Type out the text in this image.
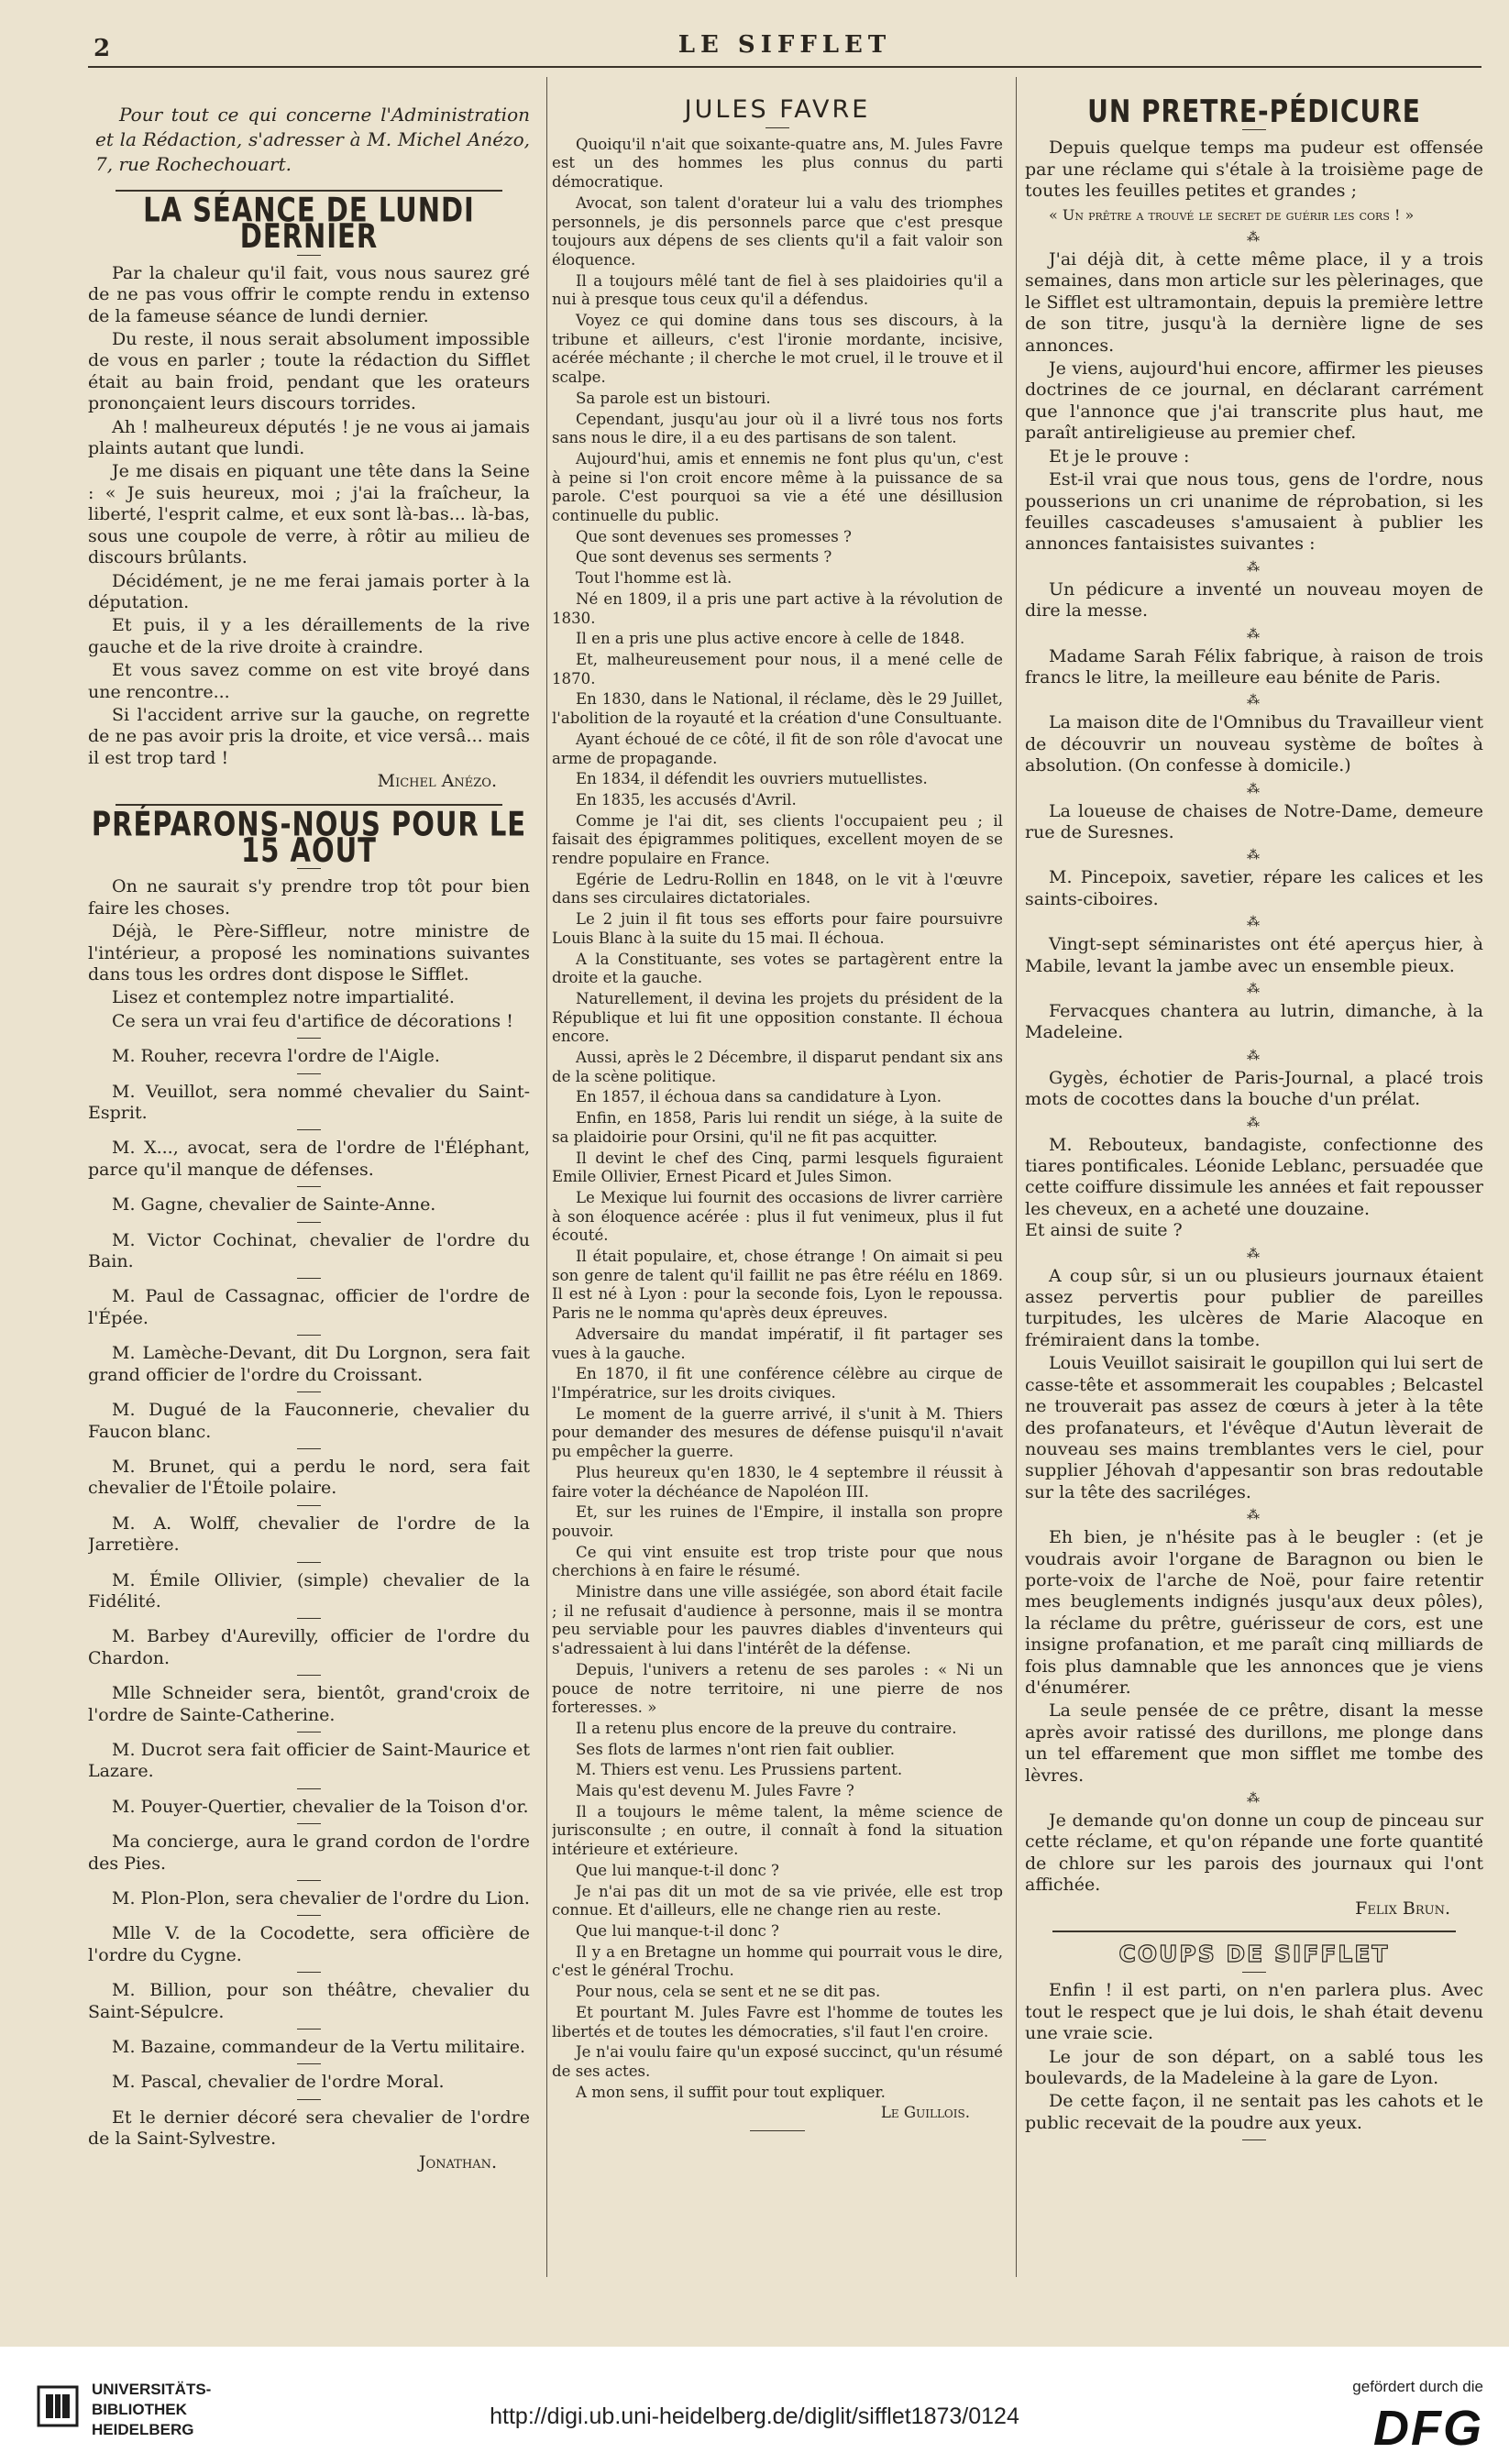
2	LE SIFFLET

Pour tout ce qui concerne l'Administration et la Rédaction, s'adresser à M. Michel Anézo, 7, rue Rochechouart.

LA SÉANCE DE LUNDI DERNIER

Par la chaleur qu'il fait, vous nous saurez gré de ne pas vous offrir le compte rendu in extenso de la fameuse séance de lundi dernier.

Du reste, il nous serait absolument impossible de vous en parler ; toute la rédaction du Sifflet était au bain froid, pendant que les orateurs prononçaient leurs discours torrides.

Ah ! malheureux députés ! je ne vous ai jamais plaints autant que lundi.

Je me disais en piquant une tête dans la Seine : « Je suis heureux, moi ; j'ai la fraîcheur, la liberté, l'esprit calme, et eux sont là-bas... là-bas, sous une coupole de verre, à rôtir au milieu de discours brûlants.

Décidément, je ne me ferai jamais porter à la députation.

Et puis, il y a les déraillements de la rive gauche et de la rive droite à craindre.

Et vous savez comme on est vite broyé dans une rencontre...

Si l'accident arrive sur la gauche, on regrette de ne pas avoir pris la droite, et vice versâ... mais il est trop tard !

Michel Anézo.

PRÉPARONS-NOUS POUR LE 15 AOUT

On ne saurait s'y prendre trop tôt pour bien faire les choses.

Déjà, le Père-Siffleur, notre ministre de l'intérieur, a proposé les nominations suivantes dans tous les ordres dont dispose le Sifflet.

Lisez et contemplez notre impartialité.

Ce sera un vrai feu d'artifice de décorations !

M. Rouher, recevra l'ordre de l'Aigle.

M. Veuillot, sera nommé chevalier du Saint-Esprit.

M. X..., avocat, sera de l'ordre de l'Éléphant, parce qu'il manque de défenses.

M. Gagne, chevalier de Sainte-Anne.

M. Victor Cochinat, chevalier de l'ordre du Bain.

M. Paul de Cassagnac, officier de l'ordre de l'Épée.

M. Lamèche-Devant, dit Du Lorgnon, sera fait grand officier de l'ordre du Croissant.

M. Dugué de la Fauconnerie, chevalier du Faucon blanc.

M. Brunet, qui a perdu le nord, sera fait chevalier de l'Étoile polaire.

M. A. Wolff, chevalier de l'ordre de la Jarretière.

M. Émile Ollivier, (simple) chevalier de la Fidélité.

M. Barbey d'Aurevilly, officier de l'ordre du Chardon.

Mlle Schneider sera, bientôt, grand'croix de l'ordre de Sainte-Catherine.

M. Ducrot sera fait officier de Saint-Maurice et Lazare.

M. Pouyer-Quertier, chevalier de la Toison d'or.

Ma concierge, aura le grand cordon de l'ordre des Pies.

M. Plon-Plon, sera chevalier de l'ordre du Lion.

Mlle V. de la Cocodette, sera officière de l'ordre du Cygne.

M. Billion, pour son théâtre, chevalier du Saint-Sépulcre.

M. Bazaine, commandeur de la Vertu militaire.

M. Pascal, chevalier de l'ordre Moral.

Et le dernier décoré sera chevalier de l'ordre de la Saint-Sylvestre.

Jonathan.

JULES FAVRE

Quoiqu'il n'ait que soixante-quatre ans, M. Jules Favre est un des hommes les plus connus du parti démocratique.

Avocat, son talent d'orateur lui a valu des triomphes personnels, je dis personnels parce que c'est presque toujours aux dépens de ses clients qu'il a fait valoir son éloquence.

Il a toujours mêlé tant de fiel à ses plaidoiries qu'il a nui à presque tous ceux qu'il a défendus.

Voyez ce qui domine dans tous ses discours, à la tribune et ailleurs, c'est l'ironie mordante, incisive, acérée méchante ; il cherche le mot cruel, il le trouve et il scalpe.

Sa parole est un bistouri.

Cependant, jusqu'au jour où il a livré tous nos forts sans nous le dire, il a eu des partisans de son talent.

Aujourd'hui, amis et ennemis ne font plus qu'un, c'est à peine si l'on croit encore même à la puissance de sa parole. C'est pourquoi sa vie a été une désillusion continuelle du public.

Que sont devenues ses promesses ?

Que sont devenus ses serments ?

Tout l'homme est là.

Né en 1809, il a pris une part active à la révolution de 1830.

Il en a pris une plus active encore à celle de 1848.

Et, malheureusement pour nous, il a mené celle de 1870.

En 1830, dans le National, il réclame, dès le 29 Juillet, l'abolition de la royauté et la création d'une Consultuante.

Ayant échoué de ce côté, il fit de son rôle d'avocat une arme de propagande.

En 1834, il défendit les ouvriers mutuellistes.

En 1835, les accusés d'Avril.

Comme je l'ai dit, ses clients l'occupaient peu ; il faisait des épigrammes politiques, excellent moyen de se rendre populaire en France.

Egérie de Ledru-Rollin en 1848, on le vit à l'œuvre dans ses circulaires dictatoriales.

Le 2 juin il fit tous ses efforts pour faire poursuivre Louis Blanc à la suite du 15 mai. Il échoua.

A la Constituante, ses votes se partagèrent entre la droite et la gauche.

Naturellement, il devina les projets du président de la République et lui fit une opposition constante. Il échoua encore.

Aussi, après le 2 Décembre, il disparut pendant six ans de la scène politique.

En 1857, il échoua dans sa candidature à Lyon.

Enfin, en 1858, Paris lui rendit un siége, à la suite de sa plaidoirie pour Orsini, qu'il ne fit pas acquitter.

Il devint le chef des Cinq, parmi lesquels figuraient Emile Ollivier, Ernest Picard et Jules Simon.

Le Mexique lui fournit des occasions de livrer carrière à son éloquence acérée : plus il fut venimeux, plus il fut écouté.

Il était populaire, et, chose étrange ! On aimait si peu son genre de talent qu'il faillit ne pas être réélu en 1869. Il est né à Lyon : pour la seconde fois, Lyon le repoussa. Paris ne le nomma qu'après deux épreuves.

Adversaire du mandat impératif, il fit partager ses vues à la gauche.

En 1870, il fit une conférence célèbre au cirque de l'Impératrice, sur les droits civiques.

Le moment de la guerre arrivé, il s'unit à M. Thiers pour demander des mesures de défense puisqu'il n'avait pu empêcher la guerre.

Plus heureux qu'en 1830, le 4 septembre il réussit à faire voter la déchéance de Napoléon III.

Et, sur les ruines de l'Empire, il installa son propre pouvoir.

Ce qui vint ensuite est trop triste pour que nous cherchions à en faire le résumé.

Ministre dans une ville assiégée, son abord était facile ; il ne refusait d'audience à personne, mais il se montra peu serviable pour les pauvres diables d'inventeurs qui s'adressaient à lui dans l'intérêt de la défense.

Depuis, l'univers a retenu de ses paroles : « Ni un pouce de notre territoire, ni une pierre de nos forteresses. »

Il a retenu plus encore de la preuve du contraire.

Ses flots de larmes n'ont rien fait oublier.

M. Thiers est venu. Les Prussiens partent.

Mais qu'est devenu M. Jules Favre ?

Il a toujours le même talent, la même science de jurisconsulte ; en outre, il connaît à fond la situation intérieure et extérieure.

Que lui manque-t-il donc ?

Je n'ai pas dit un mot de sa vie privée, elle est trop connue. Et d'ailleurs, elle ne change rien au reste.

Que lui manque-t-il donc ?

Il y a en Bretagne un homme qui pourrait vous le dire, c'est le général Trochu.

Pour nous, cela se sent et ne se dit pas.

Et pourtant M. Jules Favre est l'homme de toutes les libertés et de toutes les démocraties, s'il faut l'en croire.

Je n'ai voulu faire qu'un exposé succinct, qu'un résumé de ses actes.

A mon sens, il suffit pour tout expliquer.

Le Guillois.

UN PRETRE-PÉDICURE

Depuis quelque temps ma pudeur est offensée par une réclame qui s'étale à la troisième page de toutes les feuilles petites et grandes ;

« Un prêtre a trouvé le secret de guérir les cors ! »

⁂

J'ai déjà dit, à cette même place, il y a trois semaines, dans mon article sur les pèlerinages, que le Sifflet est ultramontain, depuis la première lettre de son titre, jusqu'à la dernière ligne de ses annonces.

Je viens, aujourd'hui encore, affirmer les pieuses doctrines de ce journal, en déclarant carrément que l'annonce que j'ai transcrite plus haut, me paraît antireligieuse au premier chef.

Et je le prouve :

Est-il vrai que nous tous, gens de l'ordre, nous pousserions un cri unanime de réprobation, si les feuilles cascadeuses s'amusaient à publier les annonces fantaisistes suivantes :

⁂

Un pédicure a inventé un nouveau moyen de dire la messe.

⁂

Madame Sarah Félix fabrique, à raison de trois francs le litre, la meilleure eau bénite de Paris.

⁂

La maison dite de l'Omnibus du Travailleur vient de découvrir un nouveau système de boîtes à absolution. (On confesse à domicile.)

⁂

La loueuse de chaises de Notre-Dame, demeure rue de Suresnes.

⁂

M. Pincepoix, savetier, répare les calices et les saints-ciboires.

⁂

Vingt-sept séminaristes ont été aperçus hier, à Mabile, levant la jambe avec un ensemble pieux.

⁂

Fervacques chantera au lutrin, dimanche, à la Madeleine.

⁂

Gygès, échotier de Paris-Journal, a placé trois mots de cocottes dans la bouche d'un prélat.

⁂

M. Rebouteux, bandagiste, confectionne des tiares pontificales. Léonide Leblanc, persuadée que cette coiffure dissimule les années et fait repousser les cheveux, en a acheté une douzaine.
Et ainsi de suite ?

⁂

A coup sûr, si un ou plusieurs journaux étaient assez pervertis pour publier de pareilles turpitudes, les ulcères de Marie Alacoque en frémiraient dans la tombe.

Louis Veuillot saisirait le goupillon qui lui sert de casse-tête et assommerait les coupables ; Belcastel ne trouverait pas assez de cœurs à jeter à la tête des profanateurs, et l'évêque d'Autun lèverait de nouveau ses mains tremblantes vers le ciel, pour supplier Jéhovah d'appesantir son bras redoutable sur la tête des sacriléges.

⁂

Eh bien, je n'hésite pas à le beugler : (et je voudrais avoir l'organe de Baragnon ou bien le porte-voix de l'arche de Noë, pour faire retentir mes beuglements indignés jusqu'aux deux pôles), la réclame du prêtre, guérisseur de cors, est une insigne profanation, et me paraît cinq milliards de fois plus damnable que les annonces que je viens d'énumérer.

La seule pensée de ce prêtre, disant la messe après avoir ratissé des durillons, me plonge dans un tel effarement que mon sifflet me tombe des lèvres.

⁂

Je demande qu'on donne un coup de pinceau sur cette réclame, et qu'on répande une forte quantité de chlore sur les parois des journaux qui l'ont affichée.

Felix Brun.

COUPS DE SIFFLET

Enfin ! il est parti, on n'en parlera plus. Avec tout le respect que je lui dois, le shah était devenu une vraie scie.

Le jour de son départ, on a sablé tous les boulevards, de la Madeleine à la gare de Lyon.

De cette façon, il ne sentait pas les cahots et le public recevait de la poudre aux yeux.

UNIVERSITÄTS-
BIBLIOTHEK
HEIDELBERG
http://digi.ub.uni-heidelberg.de/diglit/sifflet1873/0124
gefördert durch die
DFG
